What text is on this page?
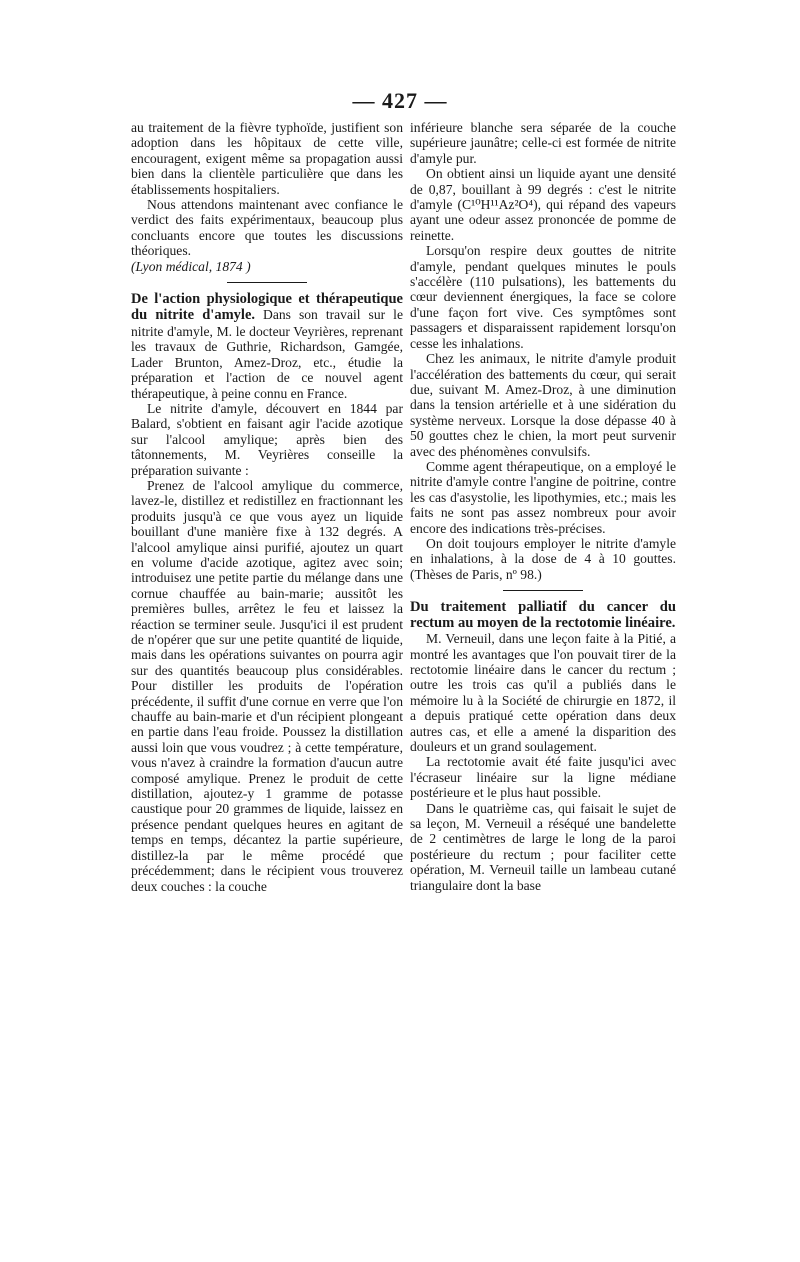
— 427 —

au traitement de la fièvre typhoïde, justifient son adoption dans les hôpitaux de cette ville, encouragent, exigent même sa propagation aussi bien dans la clientèle particulière que dans les établissements hospitaliers.

Nous attendons maintenant avec confiance le verdict des faits expérimentaux, beaucoup plus concluants encore que toutes les discussions théoriques.

(Lyon médical, 1874 )

De l'action physiologique et thérapeutique du nitrite d'amyle. Dans son travail sur le nitrite d'amyle, M. le docteur Veyrières, reprenant les travaux de Guthrie, Richardson, Gamgée, Lader Brunton, Amez-Droz, etc., étudie la préparation et l'action de ce nouvel agent thérapeutique, à peine connu en France.

Le nitrite d'amyle, découvert en 1844 par Balard, s'obtient en faisant agir l'acide azotique sur l'alcool amylique; après bien des tâtonnements, M. Veyrières conseille la préparation suivante :

Prenez de l'alcool amylique du commerce, lavez-le, distillez et redistillez en fractionnant les produits jusqu'à ce que vous ayez un liquide bouillant d'une manière fixe à 132 degrés. A l'alcool amylique ainsi purifié, ajoutez un quart en volume d'acide azotique, agitez avec soin; introduisez une petite partie du mélange dans une cornue chauffée au bain-marie; aussitôt les premières bulles, arrêtez le feu et laissez la réaction se terminer seule. Jusqu'ici il est prudent de n'opérer que sur une petite quantité de liquide, mais dans les opérations suivantes on pourra agir sur des quantités beaucoup plus considérables. Pour distiller les produits de l'opération précédente, il suffit d'une cornue en verre que l'on chauffe au bain-marie et d'un récipient plongeant en partie dans l'eau froide. Poussez la distillation aussi loin que vous voudrez ; à cette température, vous n'avez à craindre la formation d'aucun autre composé amylique. Prenez le produit de cette distillation, ajoutez-y 1 gramme de potasse caustique pour 20 grammes de liquide, laissez en présence pendant quelques heures en agitant de temps en temps, décantez la partie supérieure, distillez-la par le même procédé que précédemment; dans le récipient vous trouverez deux couches : la couche

inférieure blanche sera séparée de la couche supérieure jaunâtre; celle-ci est formée de nitrite d'amyle pur.

On obtient ainsi un liquide ayant une densité de 0,87, bouillant à 99 degrés : c'est le nitrite d'amyle (C¹⁰H¹¹Az²O⁴), qui répand des vapeurs ayant une odeur assez prononcée de pomme de reinette.

Lorsqu'on respire deux gouttes de nitrite d'amyle, pendant quelques minutes le pouls s'accélère (110 pulsations), les battements du cœur deviennent énergiques, la face se colore d'une façon fort vive. Ces symptômes sont passagers et disparaissent rapidement lorsqu'on cesse les inhalations.

Chez les animaux, le nitrite d'amyle produit l'accélération des battements du cœur, qui serait due, suivant M. Amez-Droz, à une diminution dans la tension artérielle et à une sidération du système nerveux. Lorsque la dose dépasse 40 à 50 gouttes chez le chien, la mort peut survenir avec des phénomènes convulsifs.

Comme agent thérapeutique, on a employé le nitrite d'amyle contre l'angine de poitrine, contre les cas d'asystolie, les lipothymies, etc.; mais les faits ne sont pas assez nombreux pour avoir encore des indications très-précises.

On doit toujours employer le nitrite d'amyle en inhalations, à la dose de 4 à 10 gouttes. (Thèses de Paris, nº 98.)

Du traitement palliatif du cancer du rectum au moyen de la rectotomie linéaire.

M. Verneuil, dans une leçon faite à la Pitié, a montré les avantages que l'on pouvait tirer de la rectotomie linéaire dans le cancer du rectum ; outre les trois cas qu'il a publiés dans le mémoire lu à la Société de chirurgie en 1872, il a depuis pratiqué cette opération dans deux autres cas, et elle a amené la disparition des douleurs et un grand soulagement.

La rectotomie avait été faite jusqu'ici avec l'écraseur linéaire sur la ligne médiane postérieure et le plus haut possible.

Dans le quatrième cas, qui faisait le sujet de sa leçon, M. Verneuil a réséqué une bandelette de 2 centimètres de large le long de la paroi postérieure du rectum ; pour faciliter cette opération, M. Verneuil taille un lambeau cutané triangulaire dont la base
